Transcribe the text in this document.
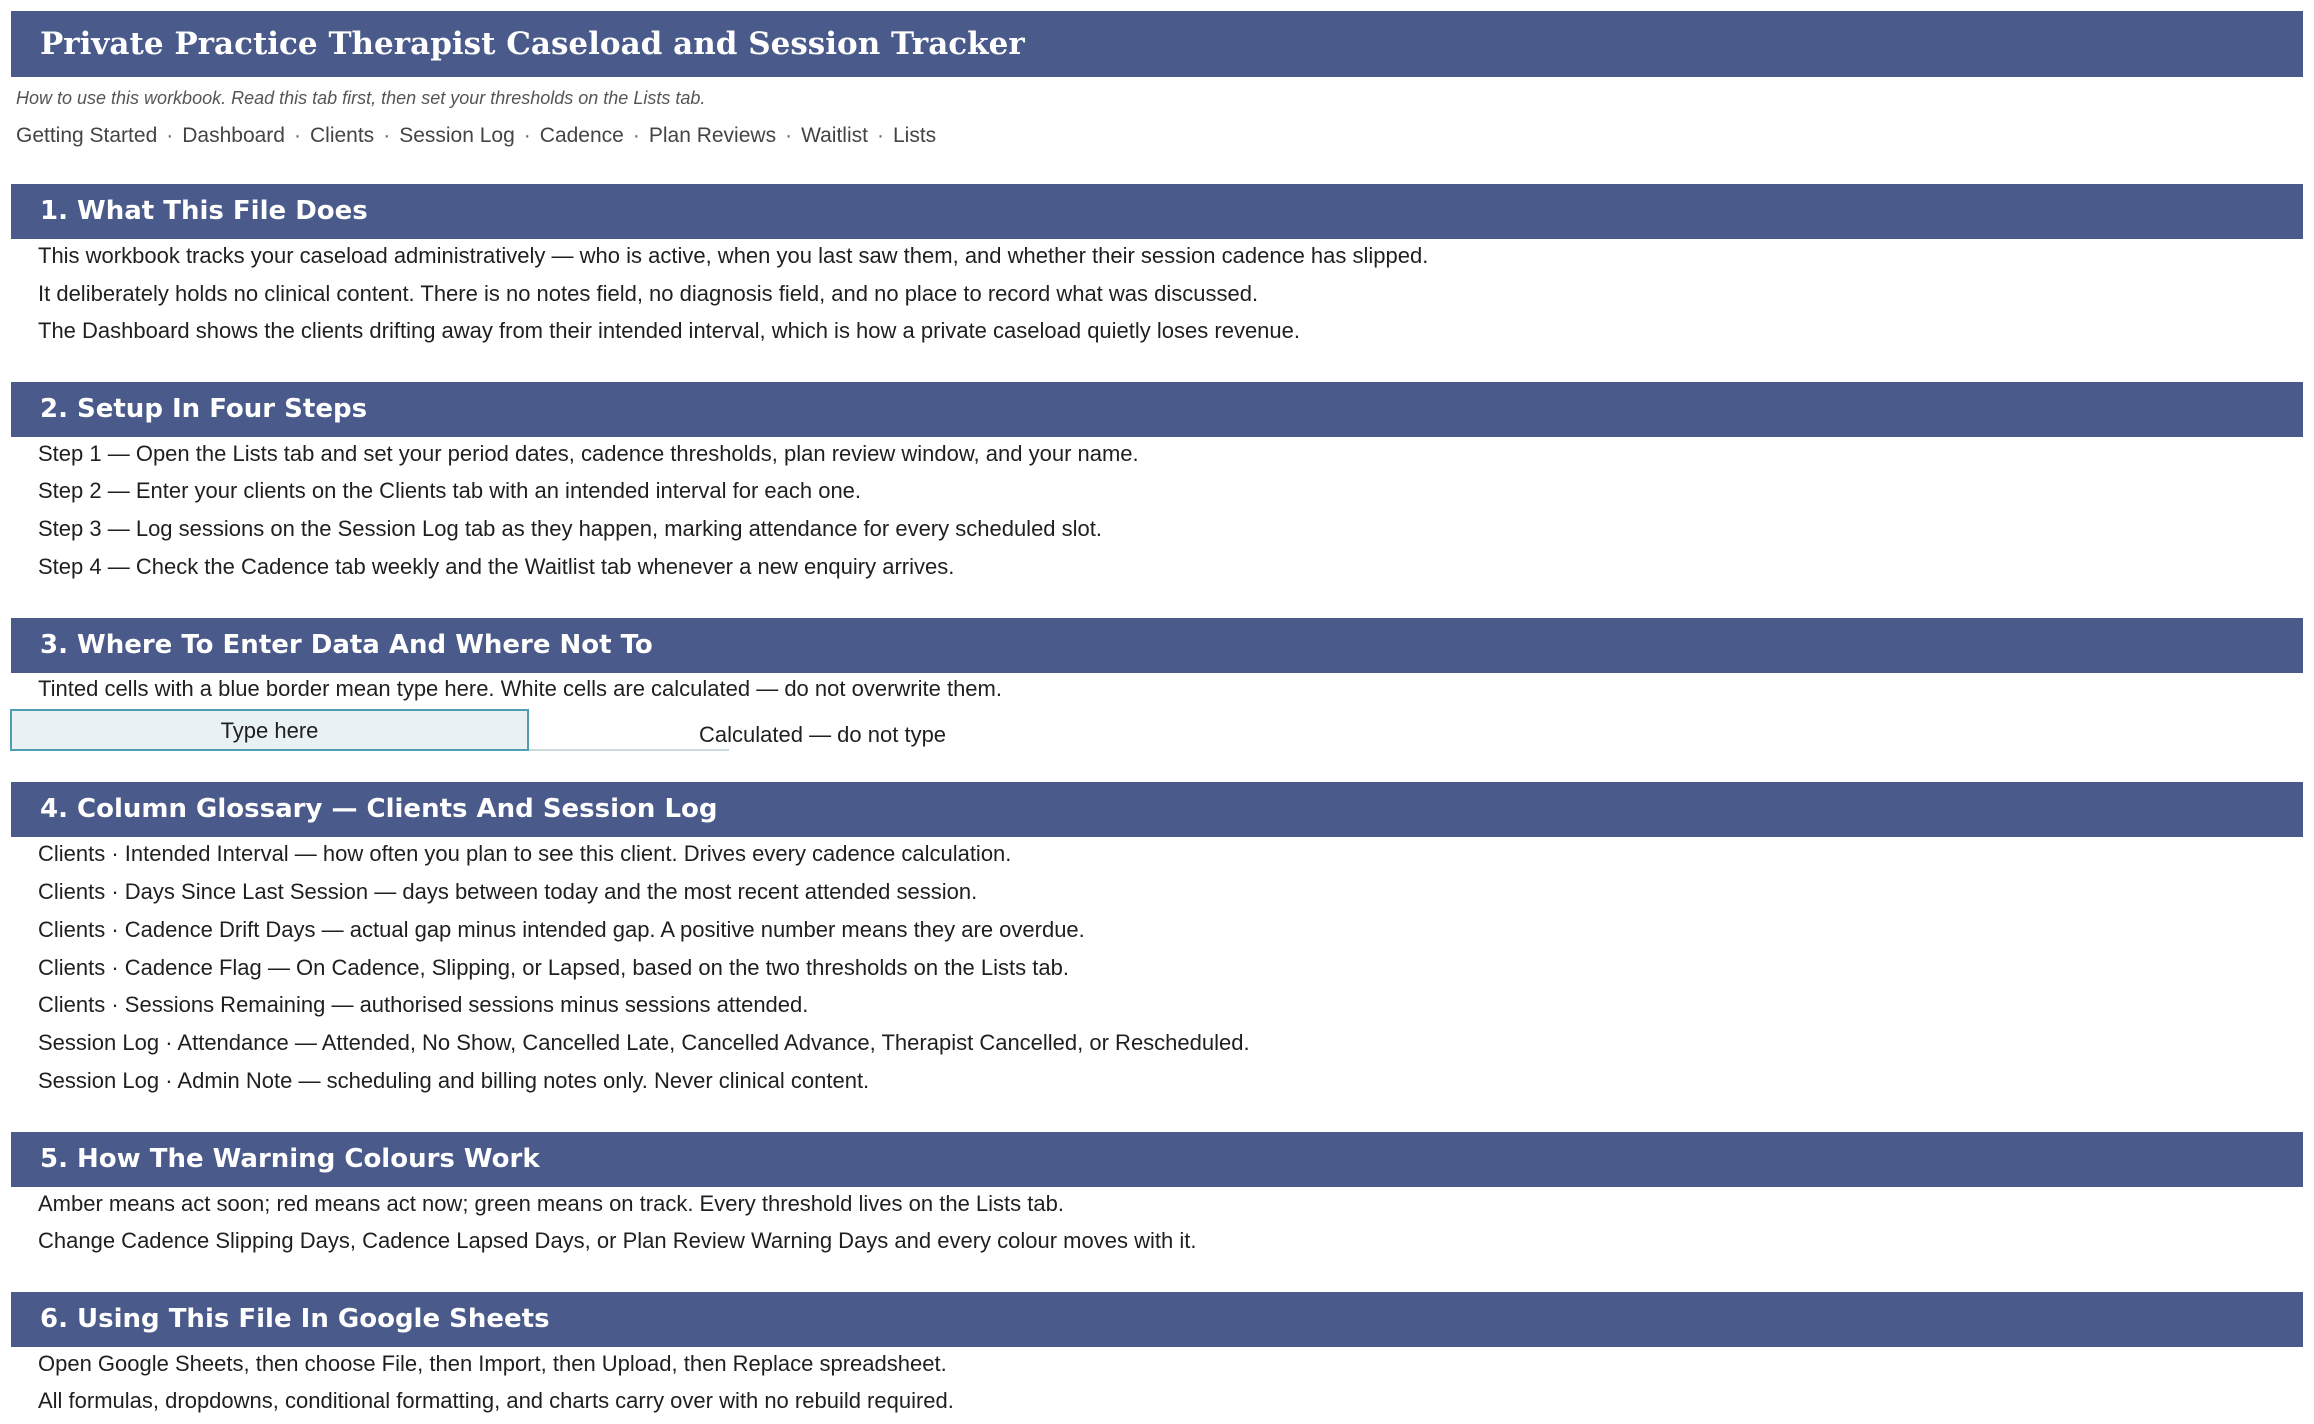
Private Practice Therapist Caseload and Session Tracker
How to use this workbook. Read this tab first, then set your thresholds on the Lists tab.
Getting Started · Dashboard · Clients · Session Log · Cadence · Plan Reviews · Waitlist · Lists
1. What This File Does
This workbook tracks your caseload administratively — who is active, when you last saw them, and whether their session cadence has slipped.
It deliberately holds no clinical content. There is no notes field, no diagnosis field, and no place to record what was discussed.
The Dashboard shows the clients drifting away from their intended interval, which is how a private caseload quietly loses revenue.
2. Setup In Four Steps
Step 1 — Open the Lists tab and set your period dates, cadence thresholds, plan review window, and your name.
Step 2 — Enter your clients on the Clients tab with an intended interval for each one.
Step 3 — Log sessions on the Session Log tab as they happen, marking attendance for every scheduled slot.
Step 4 — Check the Cadence tab weekly and the Waitlist tab whenever a new enquiry arrives.
3. Where To Enter Data And Where Not To
Tinted cells with a blue border mean type here. White cells are calculated — do not overwrite them.
Type here	Calculated — do not type
4. Column Glossary — Clients And Session Log
Clients · Intended Interval — how often you plan to see this client. Drives every cadence calculation.
Clients · Days Since Last Session — days between today and the most recent attended session.
Clients · Cadence Drift Days — actual gap minus intended gap. A positive number means they are overdue.
Clients · Cadence Flag — On Cadence, Slipping, or Lapsed, based on the two thresholds on the Lists tab.
Clients · Sessions Remaining — authorised sessions minus sessions attended.
Session Log · Attendance — Attended, No Show, Cancelled Late, Cancelled Advance, Therapist Cancelled, or Rescheduled.
Session Log · Admin Note — scheduling and billing notes only. Never clinical content.
5. How The Warning Colours Work
Amber means act soon; red means act now; green means on track. Every threshold lives on the Lists tab.
Change Cadence Slipping Days, Cadence Lapsed Days, or Plan Review Warning Days and every colour moves with it.
6. Using This File In Google Sheets
Open Google Sheets, then choose File, then Import, then Upload, then Replace spreadsheet.
All formulas, dropdowns, conditional formatting, and charts carry over with no rebuild required.
